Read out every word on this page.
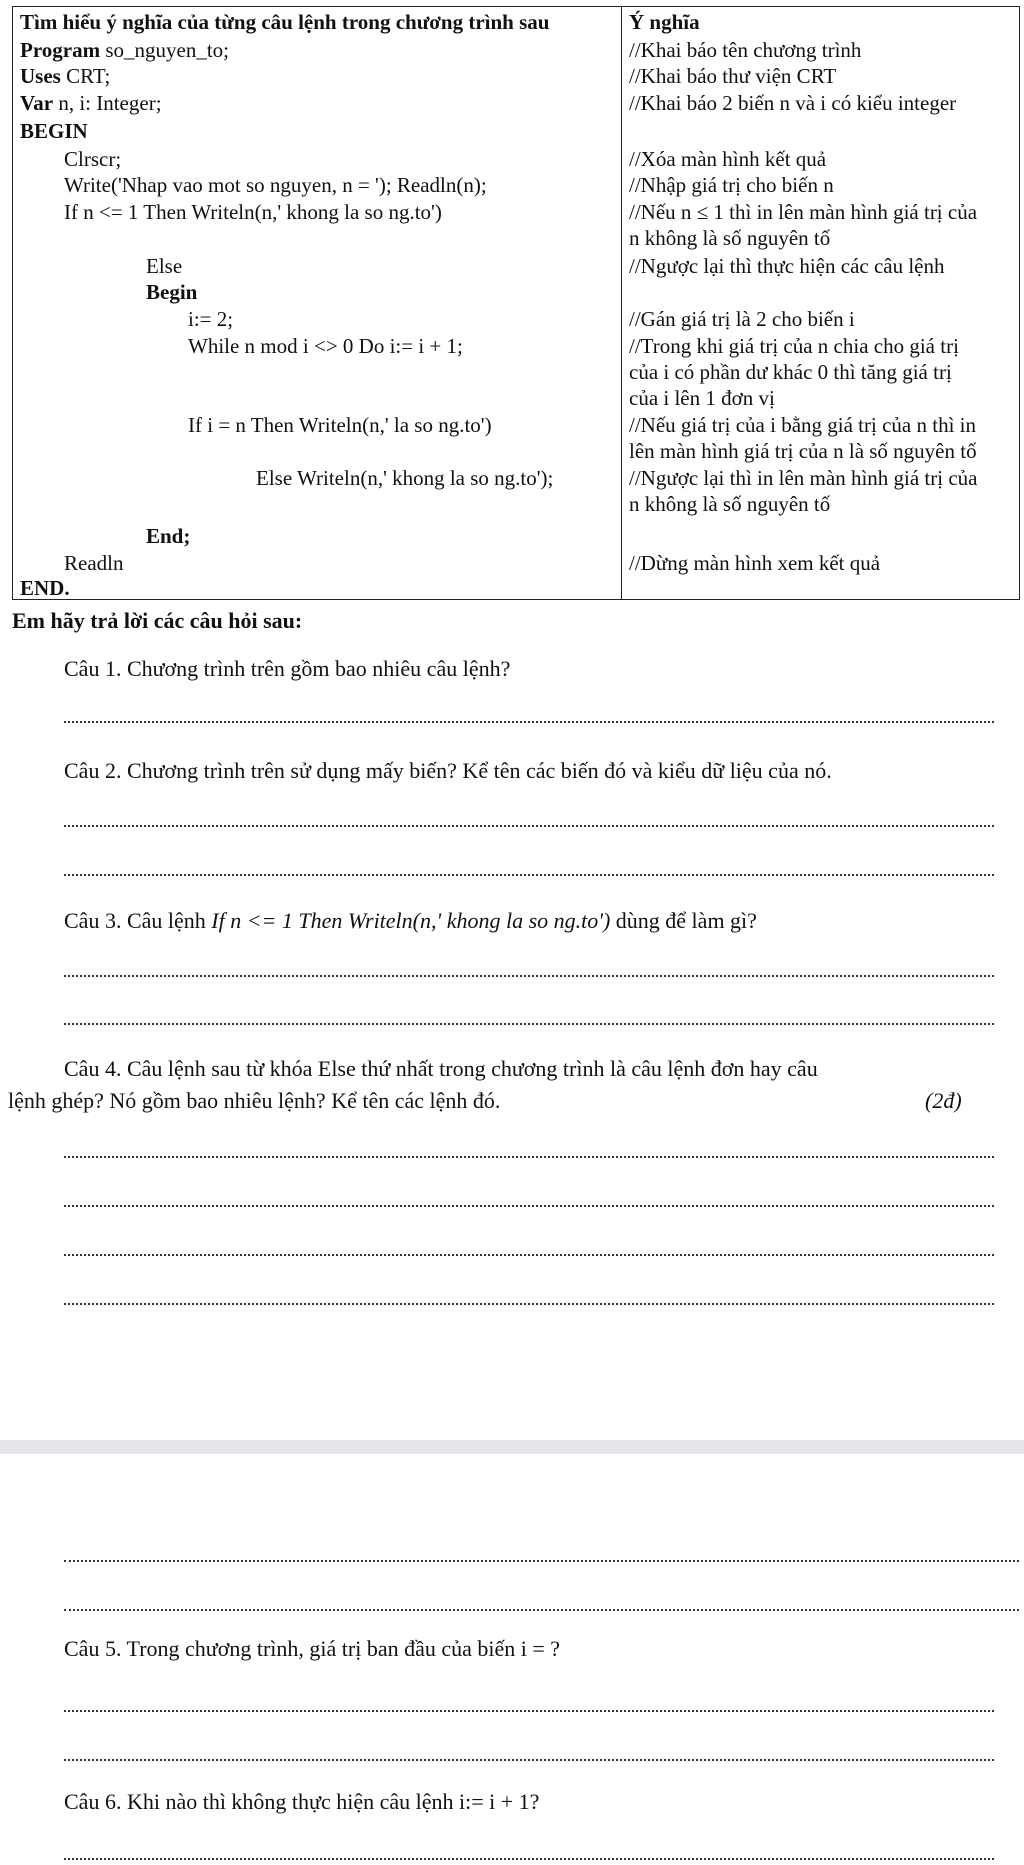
Tìm hiểu ý nghĩa của từng câu lệnh trong chương trình sau	Ý nghĩa
Program so_nguyen_to;	//Khai báo tên chương trình
Uses CRT;	//Khai báo thư viện CRT
Var n, i: Integer;	//Khai báo 2 biến n và i có kiểu integer
BEGIN
Clrscr;	//Xóa màn hình kết quả
Write('Nhap vao mot so nguyen, n = '); Readln(n);	//Nhập giá trị cho biến n
If n <= 1 Then Writeln(n,' khong la so ng.to')	//Nếu n ≤ 1 thì in lên màn hình giá trị của
n không là số nguyên tố
Else	//Ngược lại thì thực hiện các câu lệnh
Begin
i:= 2;	//Gán giá trị là 2 cho biến i
While n mod i <> 0 Do i:= i + 1;	//Trong khi giá trị của n chia cho giá trị
của i có phần dư khác 0 thì tăng giá trị
của i lên 1 đơn vị
If i = n Then Writeln(n,' la so ng.to')	//Nếu giá trị của i bằng giá trị của n thì in
lên màn hình giá trị của n là số nguyên tố
Else Writeln(n,' khong la so ng.to');	//Ngược lại thì in lên màn hình giá trị của
n không là số nguyên tố
End;
Readln	//Dừng màn hình xem kết quả
END.
Em hãy trả lời các câu hỏi sau:
Câu 1. Chương trình trên gồm bao nhiêu câu lệnh?
Câu 2. Chương trình trên sử dụng mấy biến? Kể tên các biến đó và kiểu dữ liệu của nó.
Câu 3. Câu lệnh If n <= 1 Then Writeln(n,' khong la so ng.to') dùng để làm gì?
Câu 4. Câu lệnh sau từ khóa Else thứ nhất trong chương trình là câu lệnh đơn hay câu
lệnh ghép? Nó gồm bao nhiêu lệnh? Kể tên các lệnh đó.	(2đ)
Câu 5. Trong chương trình, giá trị ban đầu của biến i = ?
Câu 6. Khi nào thì không thực hiện câu lệnh i:= i + 1?
